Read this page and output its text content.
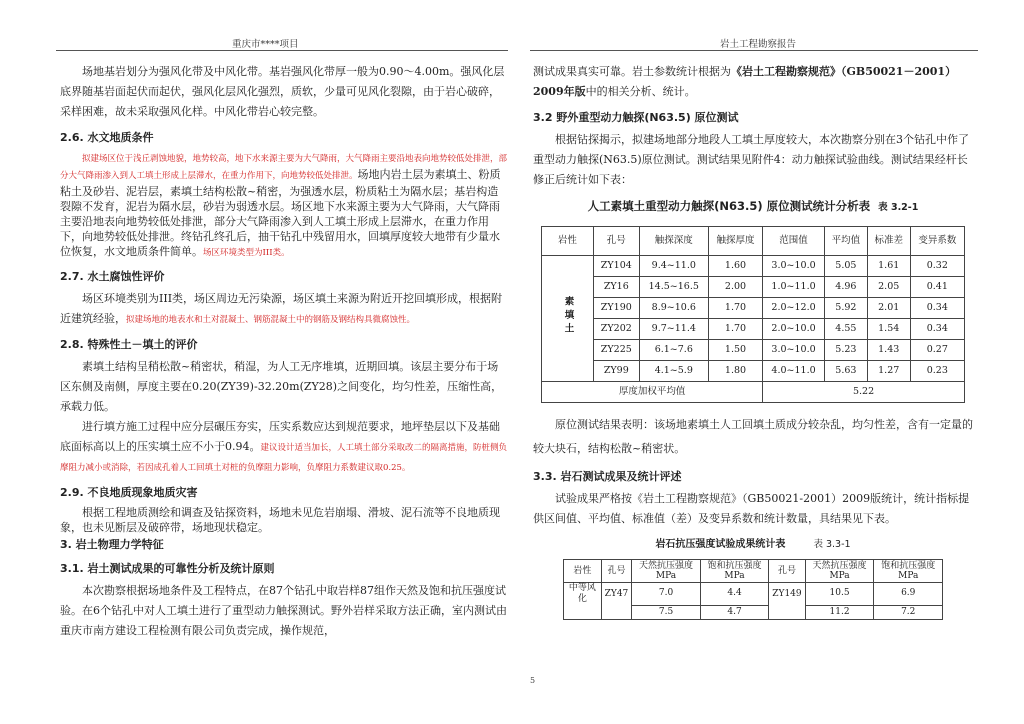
重庆市****项目	岩土工程勘察报告

场地基岩划分为强风化带及中风化带。基岩强风化带厚一般为0.90～4.00m。强风化层底界随基岩面起伏而起伏，强风化层风化强烈，质软，少量可见风化裂隙，由于岩心破碎，采样困难，故未采取强风化样。中风化带岩心较完整。

2.6. 水文地质条件

拟建场区位于浅丘剥蚀地貌，地势较高，地下水来源主要为大气降雨，大气降雨主要沿地表向地势较低处排泄，部分大气降雨渗入到人工填土形成上层滞水，在重力作用下，向地势较低处排泄。场地内岩土层为素填土、粉质粘土及砂岩、泥岩层，素填土结构松散~稍密，为强透水层，粉质粘土为隔水层；基岩构造裂隙不发育，泥岩为隔水层，砂岩为弱透水层。场区地下水来源主要为大气降雨，大气降雨主要沿地表向地势较低处排泄，部分大气降雨渗入到人工填土形成上层滞水，在重力作用下，向地势较低处排泄。终钻孔终孔后，抽干钻孔中残留用水，回填厚度较大地带有少量水位恢复，水文地质条件简单。场区环境类型为III类。

2.7. 水土腐蚀性评价

场区环境类别为III类，场区周边无污染源，场区填土来源为附近开挖回填形成，根据附近建筑经验，拟建场地的地表水和土对混凝土、钢筋混凝土中的钢筋及钢结构具微腐蚀性。

2.8. 特殊性土－填土的评价

素填土结构呈稍松散~稍密状，稍湿，为人工无序堆填，近期回填。该层主要分布于场区东侧及南侧，厚度主要在0.20(ZY39)-32.20m(ZY28)之间变化，均匀性差，压缩性高，承载力低。

进行填方施工过程中应分层碾压夯实，压实系数应达到规范要求，地坪垫层以下及基础底面标高以上的压实填土应不小于0.94。建议设计适当加长，人工填土部分采取改二的隔离措施，防桩侧负摩阻力减小或消除，若因成孔着人工回填土对桩的负摩阻力影响，负摩阻力系数建议取0.25。

2.9. 不良地质现象地质灾害

根据工程地质测绘和调查及钻探资料，场地未见危岩崩塌、滑坡、泥石流等不良地质现象，也未见断层及破碎带，场地现状稳定。

3. 岩土物理力学特征
3.1. 岩土测试成果的可靠性分析及统计原则

本次勘察根据场地条件及工程特点，在87个钻孔中取岩样87组作天然及饱和抗压强度试验。在6个钻孔中对人工填土进行了重型动力触探测试。野外岩样采取方法正确，室内测试由重庆市南方建设工程检测有限公司负责完成，操作规范，

测试成果真实可靠。岩土参数统计根据为《岩土工程勘察规范》（GB50021－2001）2009年版中的相关分析、统计。

3.2 野外重型动力触探(N63.5) 原位测试

根据钻探揭示，拟建场地部分地段人工填土厚度较大，本次勘察分别在3个钻孔中作了重型动力触探(N63.5)原位测试。测试结果见附件4：动力触探试验曲线。测试结果经杆长修正后统计如下表：

人工素填土重型动力触探(N63.5) 原位测试统计分析表 表 3.2-1
岩性	孔号	触探深度	触探厚度	范围值	平均值	标准差	变异系数
素填土	ZY104	9.4~11.0	1.60	3.0~10.0	5.05	1.61	0.32
	ZY16	14.5~16.5	2.00	1.0~11.0	4.96	2.05	0.41
	ZY190	8.9~10.6	1.70	2.0~12.0	5.92	2.01	0.34
	ZY202	9.7~11.4	1.70	2.0~10.0	4.55	1.54	0.34
	ZY225	6.1~7.6	1.50	3.0~10.0	5.23	1.43	0.27
	ZY99	4.1~5.9	1.80	4.0~11.0	5.63	1.27	0.23
厚度加权平均值				5.22			

原位测试结果表明：该场地素填土人工回填土质成分较杂乱，均匀性差，含有一定量的较大块石，结构松散~稍密状。

3.3. 岩石测试成果及统计评述

试验成果严格按《岩土工程勘察规范》（GB50021-2001）2009版统计，统计指标提供区间值、平均值、标准值（差）及变异系数和统计数量，具结果见下表。

岩石抗压强度试验成果统计表	表 3.3-1
岩性	孔号	天然抗压强度MPa	饱和抗压强度MPa	孔号	天然抗压强度MPa	饱和抗压强度MPa
中等风化	ZY47	7.0	4.4	ZY149	10.5	6.9
		7.5	4.7		11.2	7.2
5
